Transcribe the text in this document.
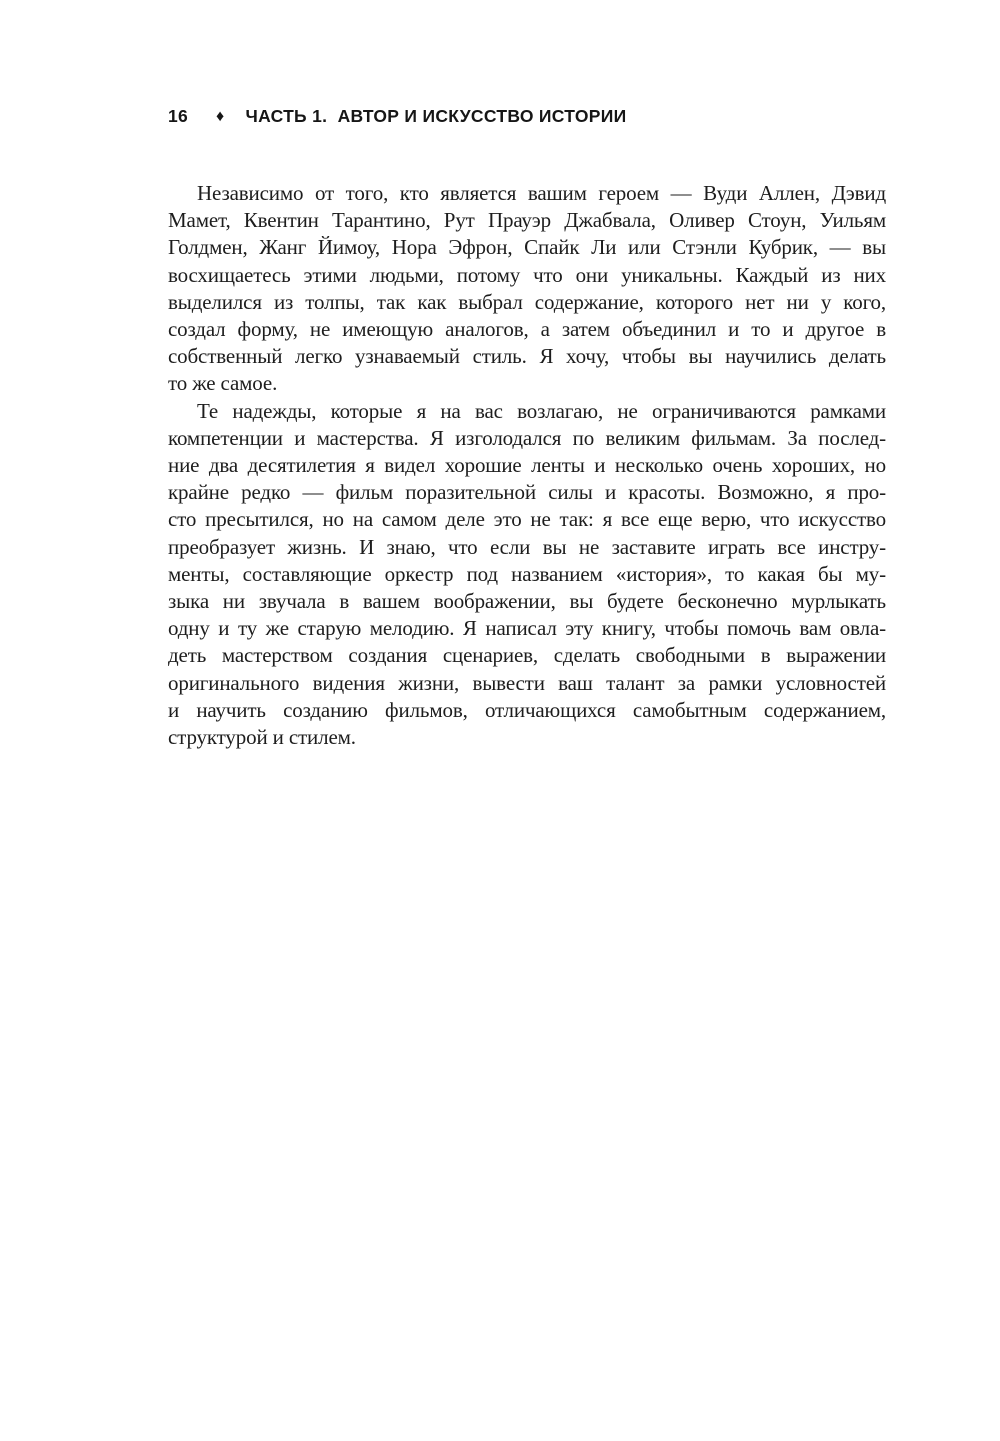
16 ♦ ЧАСТЬ 1.  АВТОР И ИСКУССТВО ИСТОРИИ
Независимо от того, кто является вашим героем — Вуди Аллен, Дэвид
Мамет, Квентин Тарантино, Рут Прауэр Джабвала, Оливер Стоун, Уильям
Голдмен, Жанг Йимоу, Нора Эфрон, Спайк Ли или Стэнли Кубрик, — вы
восхищаетесь этими людьми, потому что они уникальны. Каждый из них
выделился из толпы, так как выбрал содержание, которого нет ни у кого,
создал форму, не имеющую аналогов, а затем объединил и то и другое в
собственный легко узнаваемый стиль. Я хочу, чтобы вы научились делать
то же самое.
Те надежды, которые я на вас возлагаю, не ограничиваются рамками
компетенции и мастерства. Я изголодался по великим фильмам. За послед-
ние два десятилетия я видел хорошие ленты и несколько очень хороших, но
крайне редко — фильм поразительной силы и красоты. Возможно, я про-
сто пресытился, но на самом деле это не так: я все еще верю, что искусство
преобразует жизнь. И знаю, что если вы не заставите играть все инстру-
менты, составляющие оркестр под названием «история», то какая бы му-
зыка ни звучала в вашем воображении, вы будете бесконечно мурлыкать
одну и ту же старую мелодию. Я написал эту книгу, чтобы помочь вам овла-
деть мастерством создания сценариев, сделать свободными в выражении
оригинального видения жизни, вывести ваш талант за рамки условностей
и научить созданию фильмов, отличающихся самобытным содержанием,
структурой и стилем.
